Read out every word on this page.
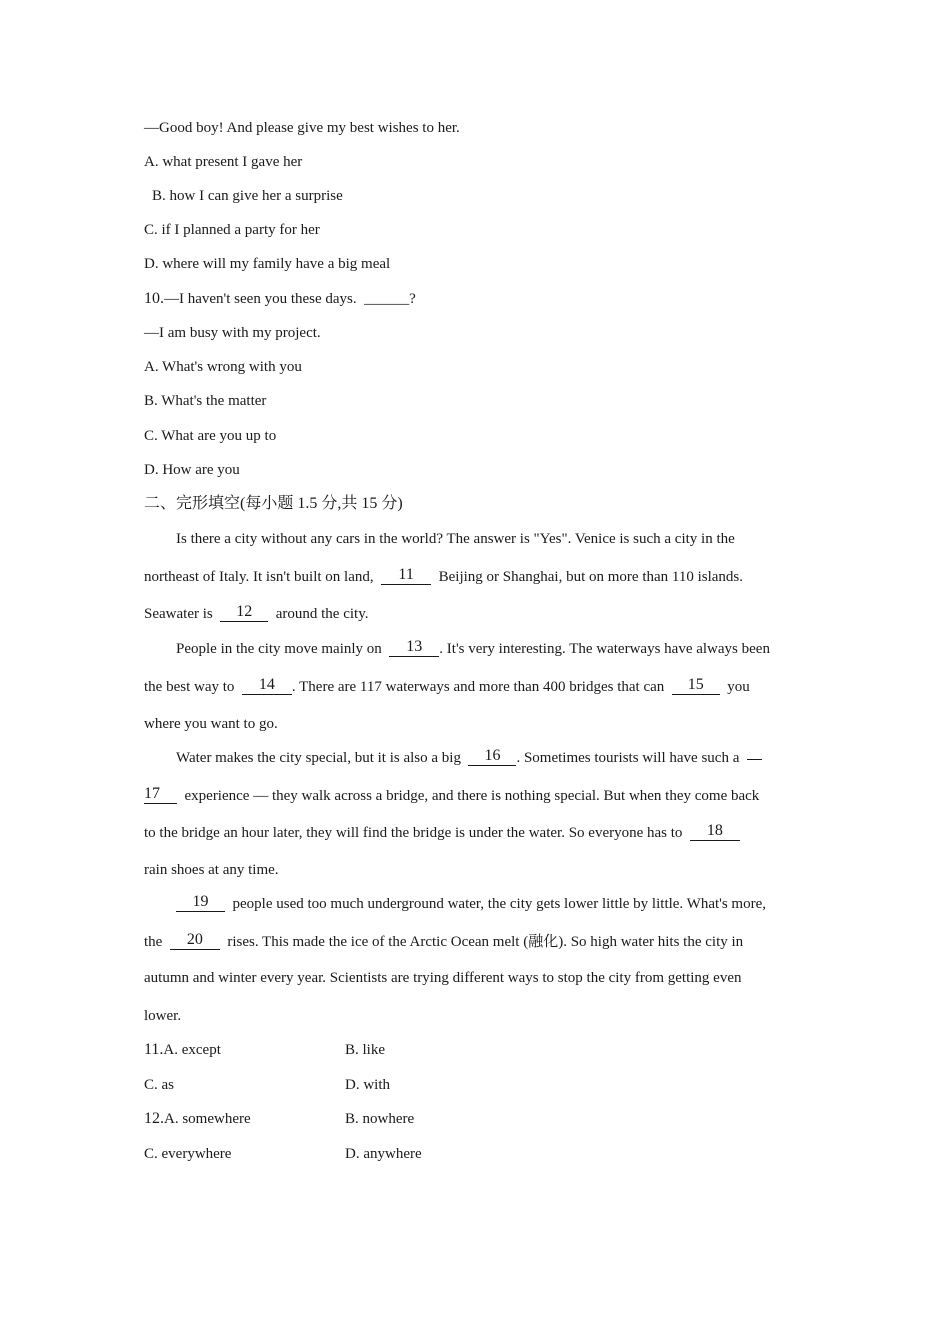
—Good boy! And please give my best wishes to her.
A. what present I gave her
B. how I can give her a surprise
C. if I planned a party for her
D. where will my family have a big meal
10.—I haven't seen you these days. ______?
—I am busy with my project.
A. What's wrong with you
B. What's the matter
C. What are you up to
D. How are you
二、完形填空(每小题 1.5 分,共 15 分)
Is there a city without any cars in the world? The answer is "Yes". Venice is such a city in the
northeast of Italy. It isn't built on land, 11 Beijing or Shanghai, but on more than 110 islands.
Seawater is 12 around the city.
People in the city move mainly on 13 . It's very interesting. The waterways have always been
the best way to 14 . There are 117 waterways and more than 400 bridges that can 15 you
where you want to go.
Water makes the city special, but it is also a big 16 . Sometimes tourists will have such a
17 experience — they walk across a bridge, and there is nothing special. But when they come back
to the bridge an hour later, they will find the bridge is under the water. So everyone has to 18
rain shoes at any time.
19 people used too much underground water, the city gets lower little by little. What's more,
the 20 rises. This made the ice of the Arctic Ocean melt (融化). So high water hits the city in
autumn and winter every year. Scientists are trying different ways to stop the city from getting even
lower.
11.A. except	B. like
C. as	D. with
12.A. somewhere	B. nowhere
C. everywhere	D. anywhere
